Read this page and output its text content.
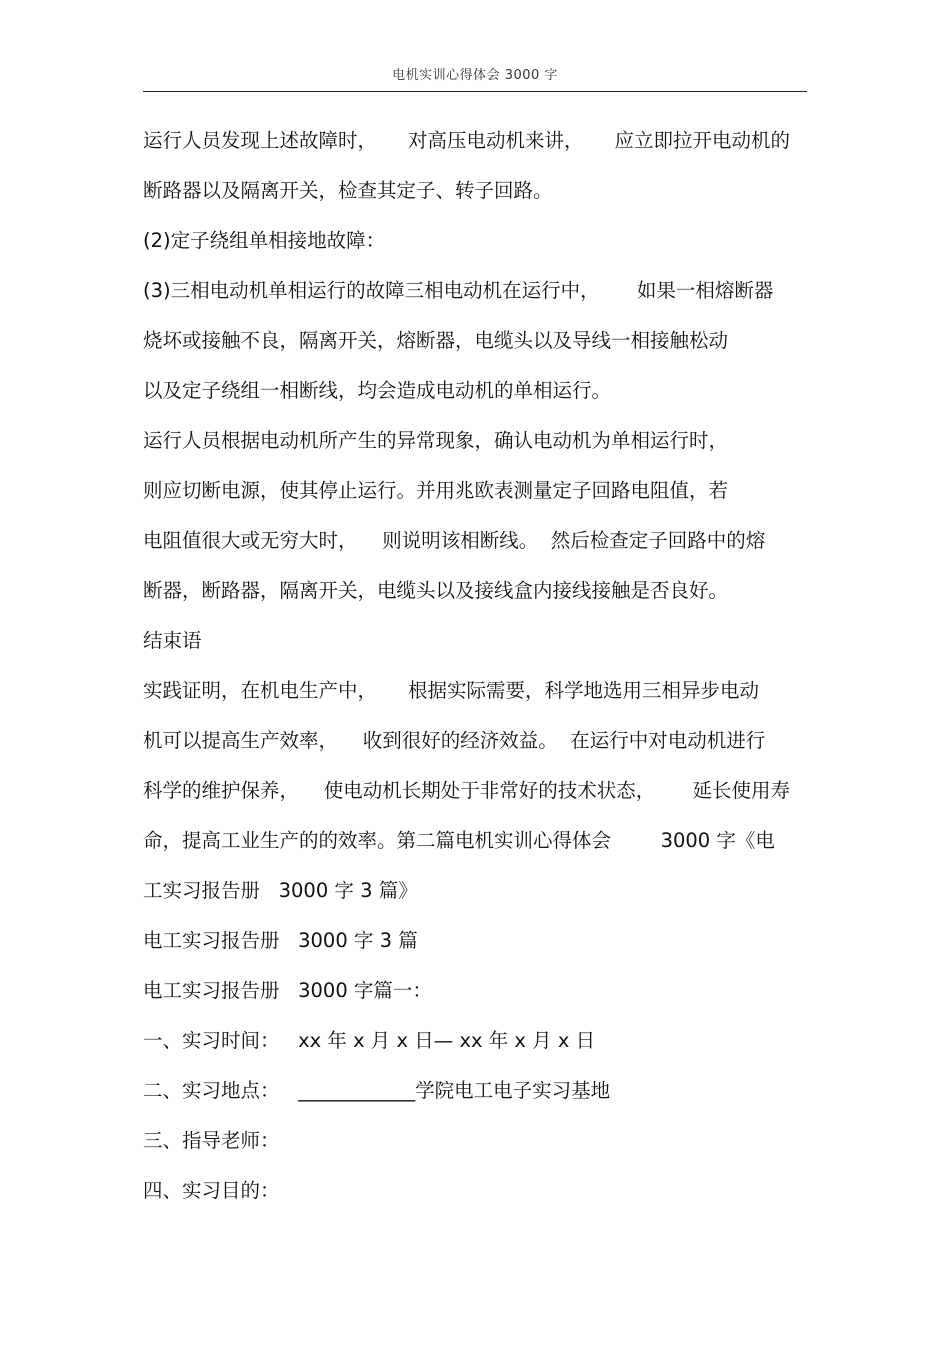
电机实训心得体会 3000 字
运行人员发现上述故障时，     对高压电动机来讲，     应立即拉开电动机的
断路器以及隔离开关，检查其定子、转子回路。
(2)定子绕组单相接地故障：
(3)三相电动机单相运行的故障三相电动机在运行中，      如果一相熔断器
烧坏或接触不良，隔离开关，熔断器，电缆头以及导线一相接触松动
以及定子绕组一相断线，均会造成电动机的单相运行。
运行人员根据电动机所产生的异常现象，确认电动机为单相运行时，
则应切断电源，使其停止运行。并用兆欧表测量定子回路电阻值，若
电阻值很大或无穷大时，    则说明该相断线。  然后检查定子回路中的熔
断器，断路器，隔离开关，电缆头以及接线盒内接线接触是否良好。
结束语
实践证明，在机电生产中，     根据实际需要，科学地选用三相异步电动
机可以提高生产效率，    收到很好的经济效益。  在运行中对电动机进行
科学的维护保养，    使电动机长期处于非常好的技术状态，      延长使用寿
命，提高工业生产的的效率。第二篇电机实训心得体会        3000 字《电
工实习报告册   3000 字 3 篇》
电工实习报告册   3000 字 3 篇
电工实习报告册   3000 字篇一：
一、实习时间：   xx 年 x 月 x 日— xx 年 x 月 x 日
二、实习地点：   ____________学院电工电子实习基地
三、指导老师：
四、实习目的：
